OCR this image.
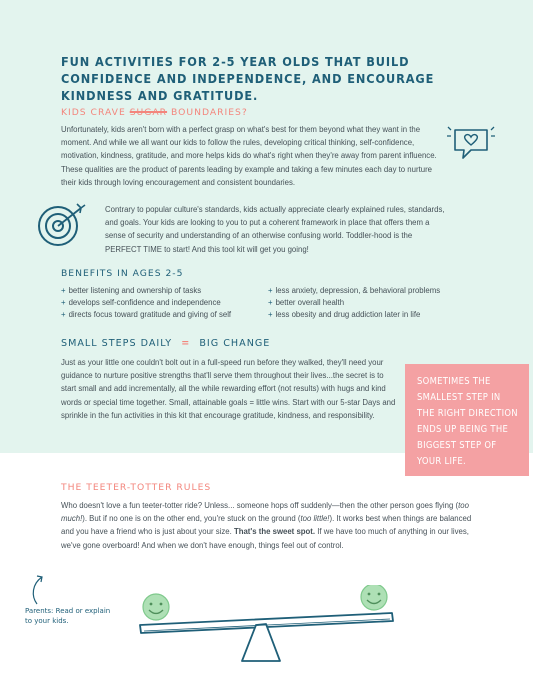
FUN ACTIVITIES FOR 2-5 YEAR OLDS THAT BUILD CONFIDENCE AND INDEPENDENCE, AND ENCOURAGE KINDNESS AND GRATITUDE.
KIDS CRAVE SUGAR BOUNDARIES?

Unfortunately, kids aren't born with a perfect grasp on what's best for them beyond what they want in the moment. And while we all want our kids to follow the rules, developing critical thinking, self-confidence, motivation, kindness, gratitude, and more helps kids do what's right when they're away from parent influence. These qualities are the product of parents leading by example and taking a few minutes each day to nurture their kids through loving encouragement and consistent boundaries.

Contrary to popular culture's standards, kids actually appreciate clearly explained rules, standards, and goals. Your kids are looking to you to put a coherent framework in place that offers them a sense of security and understanding of an otherwise confusing world. Toddler-hood is the PERFECT TIME to start! And this tool kit will get you going!

BENEFITS IN AGES 2-5
+ better listening and ownership of tasks
+ develops self-confidence and independence
+ directs focus toward gratitude and giving of self
+ less anxiety, depression, & behavioral problems
+ better overall health
+ less obesity and drug addiction later in life
SMALL STEPS DAILY = BIG CHANGE

Just as your little one couldn't bolt out in a full-speed run before they walked, they'll need your guidance to nurture positive strengths that'll serve them throughout their lives...the secret is to start small and add incrementally, all the while rewarding effort (not results) with hugs and kind words or special time together. Small, attainable goals = little wins. Start with our 5-star Days and sprinkle in the fun activities in this kit that encourage gratitude, kindness, and responsibility.

SOMETIMES THE SMALLEST STEP IN THE RIGHT DIRECTION ENDS UP BEING THE BIGGEST STEP OF YOUR LIFE.

THE TEETER-TOTTER RULES

Who doesn't love a fun teeter-totter ride? Unless... someone hops off suddenly—then the other person goes flying (too much!). But if no one is on the other end, you're stuck on the ground (too little!). It works best when things are balanced and you have a friend who is just about your size. That's the sweet spot. If we have too much of anything in our lives, we've gone overboard! And when we don't have enough, things feel out of control.

Parents: Read or explain to your kids.
